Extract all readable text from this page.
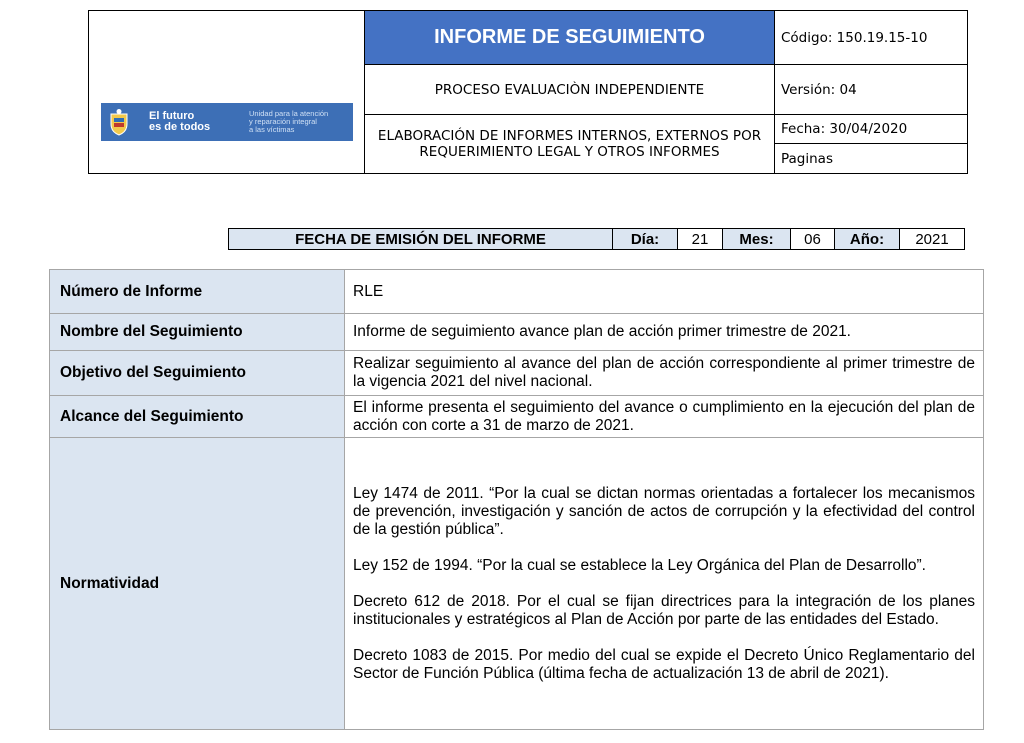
El futuro
es de todos
Unidad para la atención
y reparación integral
a las víctimas
INFORME DE SEGUIMIENTO
PROCESO EVALUACIÒN INDEPENDIENTE
ELABORACIÓN DE INFORMES INTERNOS, EXTERNOS POR REQUERIMIENTO LEGAL Y OTROS INFORMES
Código: 150.19.15-10
Versión: 04
Fecha: 30/04/2020
Paginas
FECHA DE EMISIÓN DEL INFORME	Día:	21	Mes:	06	Año:	2021
Número de Informe	RLE
Nombre del Seguimiento	Informe de seguimiento avance plan de acción primer trimestre de 2021.
Objetivo del Seguimiento	Realizar seguimiento al avance del plan de acción correspondiente al primer trimestre de la vigencia 2021 del nivel nacional.
Alcance del Seguimiento	El informe presenta el seguimiento del avance o cumplimiento en la ejecución del plan de acción con corte a 31 de marzo de 2021.
Normatividad	Ley 1474 de 2011. “Por la cual se dictan normas orientadas a fortalecer los mecanismos de prevención, investigación y sanción de actos de corrupción y la efectividad del control de la gestión pública”.

Ley 152 de 1994. “Por la cual se establece la Ley Orgánica del Plan de Desarrollo”.

Decreto 612 de 2018. Por el cual se fijan directrices para la integración de los planes institucionales y estratégicos al Plan de Acción por parte de las entidades del Estado.

Decreto 1083 de 2015. Por medio del cual se expide el Decreto Único Reglamentario del Sector de Función Pública (última fecha de actualización 13 de abril de 2021).
